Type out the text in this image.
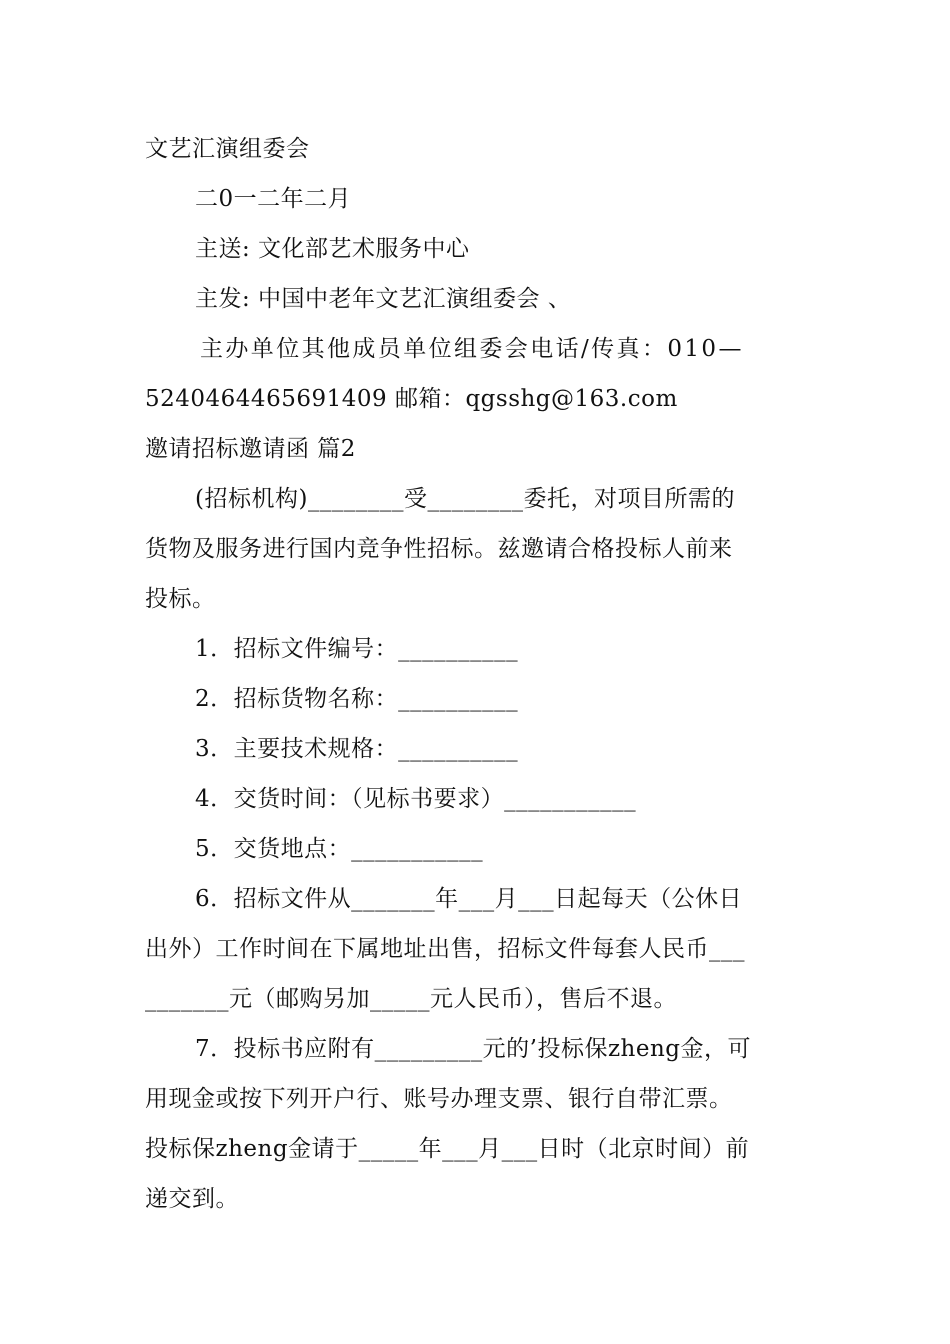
文艺汇演组委会
二0一二年二月
主送: 文化部艺术服务中心
主发: 中国中老年文艺汇演组委会 、
主办单位其他成员单位组委会电话/传真：010—
5240464465691409 邮箱：qgsshg@163.com
邀请招标邀请函 篇2
(招标机构)________受________委托，对项目所需的
货物及服务进行国内竞争性招标。兹邀请合格投标人前来
投标。
1．招标文件编号：__________
2．招标货物名称：__________
3．主要技术规格：__________
4．交货时间：（见标书要求）___________
5．交货地点：___________
6．招标文件从_______年___月___日起每天（公休日
出外）工作时间在下属地址出售，招标文件每套人民币___
_______元（邮购另加_____元人民币），售后不退。
7．投标书应附有_________元的’投标保zheng金，可
用现金或按下列开户行、账号办理支票、银行自带汇票。
投标保zheng金请于_____年___月___日时（北京时间）前
递交到。
